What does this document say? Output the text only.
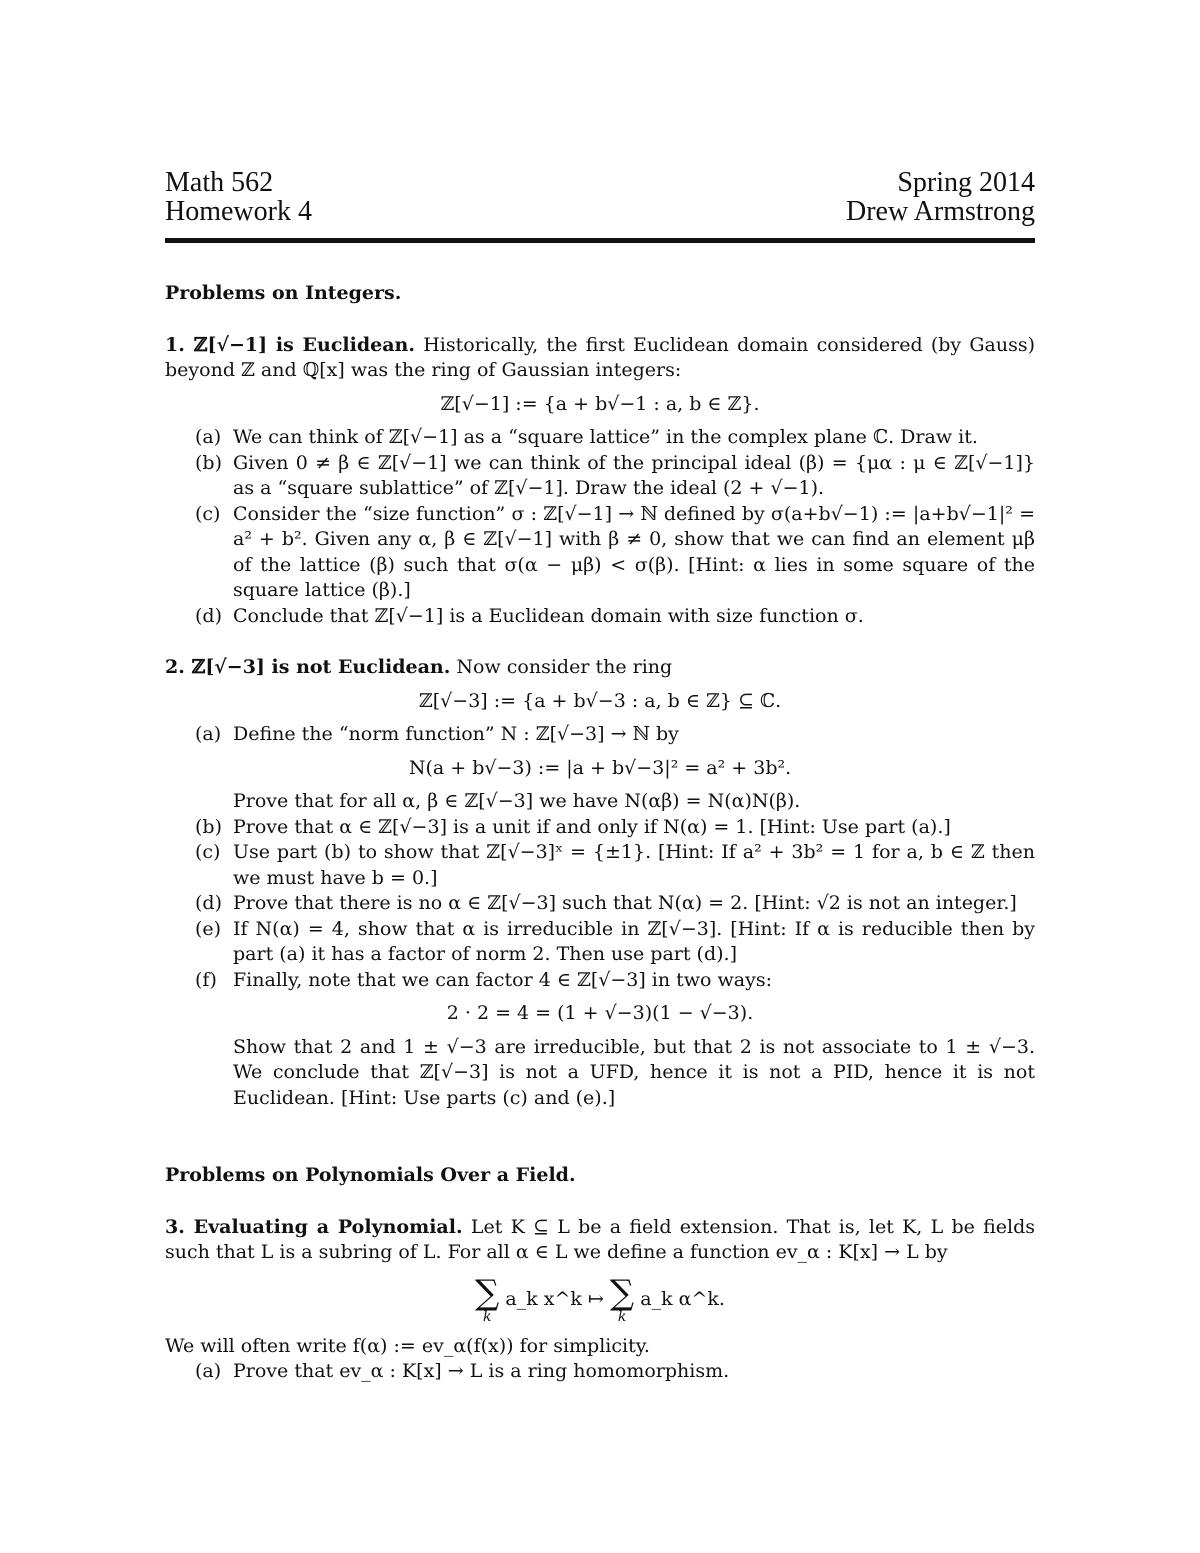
Math 562
Homework 4
Spring 2014
Drew Armstrong
Problems on Integers.

1. ℤ[√−1] is Euclidean. Historically, the first Euclidean domain considered (by Gauss) beyond ℤ and ℚ[x] was the ring of Gaussian integers:

ℤ[√−1] := {a + b√−1 : a, b ∈ ℤ}.
(a) We can think of ℤ[√−1] as a “square lattice” in the complex plane ℂ. Draw it.
(b) Given 0 ≠ β ∈ ℤ[√−1] we can think of the principal ideal (β) = {μα : μ ∈ ℤ[√−1]} as a “square sublattice” of ℤ[√−1]. Draw the ideal (2 + √−1).
(c) Consider the “size function” σ : ℤ[√−1] → ℕ defined by σ(a+b√−1) := |a+b√−1|² = a² + b². Given any α, β ∈ ℤ[√−1] with β ≠ 0, show that we can find an element μβ of the lattice (β) such that σ(α − μβ) < σ(β). [Hint: α lies in some square of the square lattice (β).]
(d) Conclude that ℤ[√−1] is a Euclidean domain with size function σ.

2. ℤ[√−3] is not Euclidean. Now consider the ring

ℤ[√−3] := {a + b√−3 : a, b ∈ ℤ} ⊆ ℂ.
(a) Define the “norm function” N : ℤ[√−3] → ℕ by
N(a + b√−3) := |a + b√−3|² = a² + 3b².
Prove that for all α, β ∈ ℤ[√−3] we have N(αβ) = N(α)N(β).
(b) Prove that α ∈ ℤ[√−3] is a unit if and only if N(α) = 1. [Hint: Use part (a).]
(c) Use part (b) to show that ℤ[√−3]ˣ = {±1}. [Hint: If a² + 3b² = 1 for a, b ∈ ℤ then we must have b = 0.]
(d) Prove that there is no α ∈ ℤ[√−3] such that N(α) = 2. [Hint: √2 is not an integer.]
(e) If N(α) = 4, show that α is irreducible in ℤ[√−3]. [Hint: If α is reducible then by part (a) it has a factor of norm 2. Then use part (d).]
(f) Finally, note that we can factor 4 ∈ ℤ[√−3] in two ways:
2 · 2 = 4 = (1 + √−3)(1 − √−3).
Show that 2 and 1 ± √−3 are irreducible, but that 2 is not associate to 1 ± √−3. We conclude that ℤ[√−3] is not a UFD, hence it is not a PID, hence it is not Euclidean. [Hint: Use parts (c) and (e).]
Problems on Polynomials Over a Field.

3. Evaluating a Polynomial. Let K ⊆ L be a field extension. That is, let K, L be fields such that L is a subring of L. For all α ∈ L we define a function ev_α : K[x] → L by

∑
k
a_k x^k ↦ ∑
k
a_k α^k.

We will often write f(α) := ev_α(f(x)) for simplicity.

(a) Prove that ev_α : K[x] → L is a ring homomorphism.
